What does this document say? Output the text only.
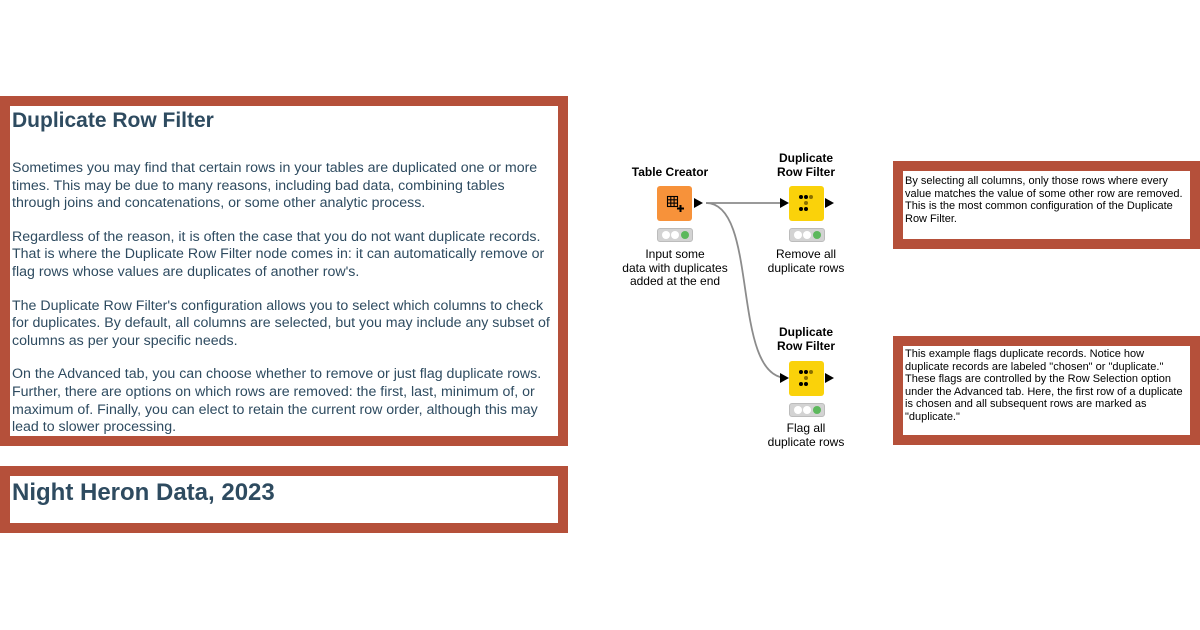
Duplicate Row Filter

Sometimes you may find that certain rows in your tables are duplicated one or more times. This may be due to many reasons, including bad data, combining tables through joins and concatenations, or some other analytic process.

Regardless of the reason, it is often the case that you do not want duplicate records. That is where the Duplicate Row Filter node comes in: it can automatically remove or flag rows whose values are duplicates of another row's.

The Duplicate Row Filter's configuration allows you to select which columns to check for duplicates. By default, all columns are selected, but you may include any subset of columns as per your specific needs.

On the Advanced tab, you can choose whether to remove or just flag duplicate rows. Further, there are options on which rows are removed: the first, last, minimum of, or maximum of. Finally, you can elect to retain the current row order, although this may lead to slower processing.

Night Heron Data, 2023
Table Creator
Input some
data with duplicates
added at the end
Duplicate
Row Filter
Remove all
duplicate rows
Duplicate
Row Filter
Flag all
duplicate rows

By selecting all columns, only those rows where every value matches the value of some other row are removed. This is the most common configuration of the Duplicate Row Filter.

This example flags duplicate records. Notice how duplicate records are labeled "chosen" or "duplicate." These flags are controlled by the Row Selection option under the Advanced tab. Here, the first row of a duplicate is chosen and all subsequent rows are marked as "duplicate."
